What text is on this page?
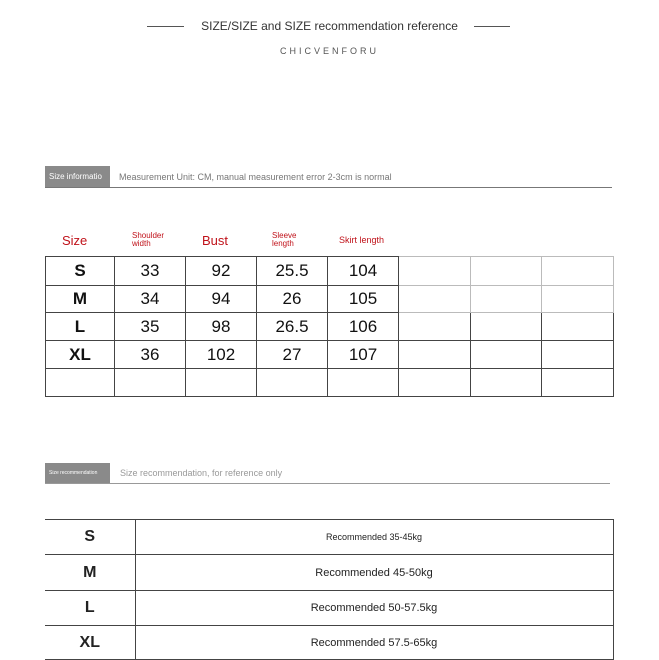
SIZE/SIZE and SIZE recommendation reference
CHICVENFORU
Size informatio	Measurement Unit: CM, manual measurement error 2-3cm is normal
Size	Shoulder width	Bust	Sleeve length	Skirt length
S	33	92	25.5	104			
M	34	94	26	105			
L	35	98	26.5	106			
XL	36	102	27	107			

Size recommendation	Size recommendation, for reference only
S	Recommended 35-45kg
M	Recommended 45-50kg
L	Recommended 50-57.5kg
XL	Recommended 57.5-65kg
